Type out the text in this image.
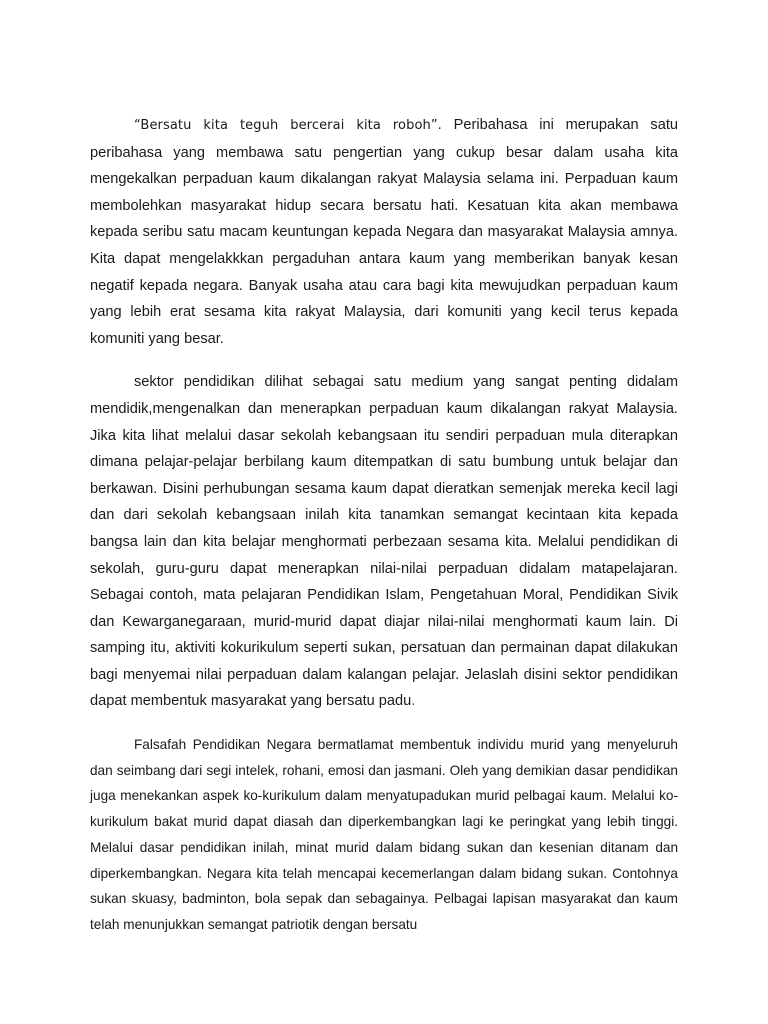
“Bersatu kita teguh bercerai kita roboh”. Peribahasa ini merupakan satu peribahasa yang membawa satu pengertian yang cukup besar dalam usaha kita mengekalkan perpaduan kaum dikalangan rakyat Malaysia selama ini. Perpaduan kaum membolehkan masyarakat hidup secara bersatu hati. Kesatuan kita akan membawa kepada seribu satu macam keuntungan kepada Negara dan masyarakat Malaysia amnya. Kita dapat mengelakkkan pergaduhan antara kaum yang memberikan banyak kesan negatif kepada negara. Banyak usaha atau cara bagi kita mewujudkan perpaduan kaum yang lebih erat sesama kita rakyat Malaysia, dari komuniti yang kecil terus kepada komuniti yang besar.

sektor pendidikan dilihat sebagai satu medium yang sangat penting didalam mendidik,mengenalkan dan menerapkan perpaduan kaum dikalangan rakyat Malaysia. Jika kita lihat melalui dasar sekolah kebangsaan itu sendiri perpaduan mula diterapkan dimana pelajar-pelajar berbilang kaum ditempatkan di satu bumbung untuk belajar dan berkawan. Disini perhubungan sesama kaum dapat dieratkan semenjak mereka kecil lagi dan dari sekolah kebangsaan inilah kita tanamkan semangat kecintaan kita kepada bangsa lain dan kita belajar menghormati perbezaan sesama kita. Melalui pendidikan di sekolah, guru-guru dapat menerapkan nilai-nilai perpaduan didalam matapelajaran. Sebagai contoh, mata pelajaran Pendidikan Islam, Pengetahuan Moral, Pendidikan Sivik dan Kewarganegaraan, murid-murid dapat diajar nilai-nilai menghormati kaum lain. Di samping itu, aktiviti kokurikulum seperti sukan, persatuan dan permainan dapat dilakukan bagi menyemai nilai perpaduan dalam kalangan pelajar. Jelaslah disini sektor pendidikan dapat membentuk masyarakat yang bersatu padu.

Falsafah Pendidikan Negara bermatlamat membentuk individu murid yang menyeluruh dan seimbang dari segi intelek, rohani, emosi dan jasmani. Oleh yang demikian dasar pendidikan juga menekankan aspek ko-kurikulum dalam menyatupadukan murid pelbagai kaum. Melalui ko-kurikulum bakat murid dapat diasah dan diperkembangkan lagi ke peringkat yang lebih tinggi. Melalui dasar pendidikan inilah, minat murid dalam bidang sukan dan kesenian ditanam dan diperkembangkan. Negara kita telah mencapai kecemerlangan dalam bidang sukan. Contohnya sukan skuasy, badminton, bola sepak dan sebagainya. Pelbagai lapisan masyarakat dan kaum telah menunjukkan semangat patriotik dengan bersatu
